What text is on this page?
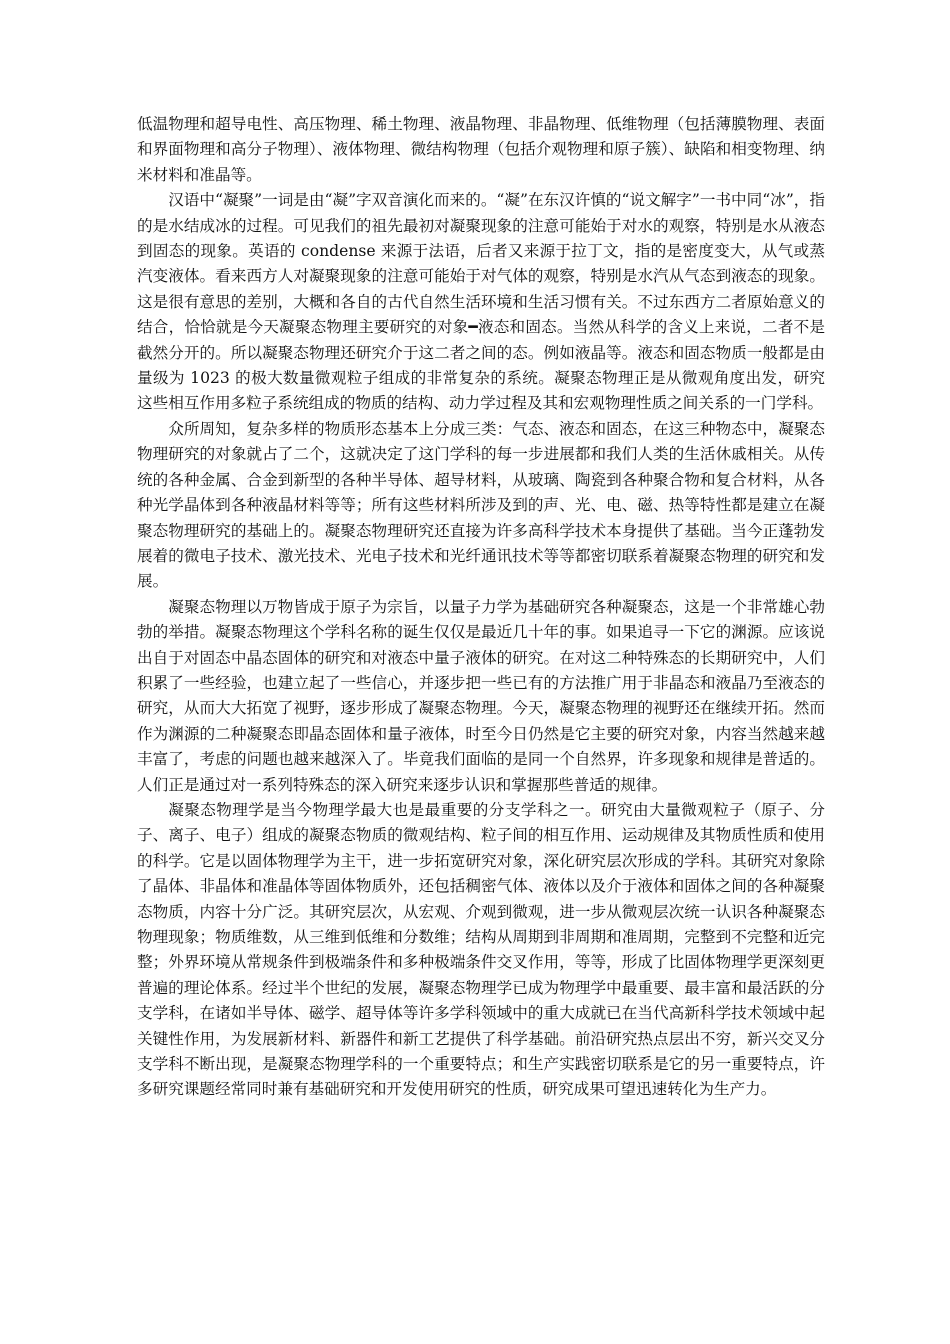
低温物理和超导电性、高压物理、稀土物理、液晶物理、非晶物理、低维物理（包括薄膜物理、表面和界面物理和高分子物理）、液体物理、微结构物理（包括介观物理和原子簇）、缺陷和相变物理、纳米材料和准晶等。

汉语中“凝聚”一词是由“凝”字双音演化而来的。“凝”在东汉许慎的“说文解字”一书中同“冰”，指的是水结成冰的过程。可见我们的祖先最初对凝聚现象的注意可能始于对水的观察，特别是水从液态到固态的现象。英语的 condense 来源于法语，后者又来源于拉丁文，指的是密度变大，从气或蒸汽变液体。看来西方人对凝聚现象的注意可能始于对气体的观察，特别是水汽从气态到液态的现象。这是很有意思的差别，大概和各自的古代自然生活环境和生活习惯有关。不过东西方二者原始意义的结合，恰恰就是今天凝聚态物理主要研究的对象━液态和固态。当然从科学的含义上来说，二者不是截然分开的。所以凝聚态物理还研究介于这二者之间的态。例如液晶等。液态和固态物质一般都是由量级为 1023 的极大数量微观粒子组成的非常复杂的系统。凝聚态物理正是从微观角度出发，研究这些相互作用多粒子系统组成的物质的结构、动力学过程及其和宏观物理性质之间关系的一门学科。

众所周知，复杂多样的物质形态基本上分成三类：气态、液态和固态，在这三种物态中，凝聚态物理研究的对象就占了二个，这就决定了这门学科的每一步进展都和我们人类的生活休戚相关。从传统的各种金属、合金到新型的各种半导体、超导材料，从玻璃、陶瓷到各种聚合物和复合材料，从各种光学晶体到各种液晶材料等等；所有这些材料所涉及到的声、光、电、磁、热等特性都是建立在凝聚态物理研究的基础上的。凝聚态物理研究还直接为许多高科学技术本身提供了基础。当今正蓬勃发展着的微电子技术、激光技术、光电子技术和光纤通讯技术等等都密切联系着凝聚态物理的研究和发展。

凝聚态物理以万物皆成于原子为宗旨，以量子力学为基础研究各种凝聚态，这是一个非常雄心勃勃的举措。凝聚态物理这个学科名称的诞生仅仅是最近几十年的事。如果追寻一下它的渊源。应该说出自于对固态中晶态固体的研究和对液态中量子液体的研究。在对这二种特殊态的长期研究中，人们积累了一些经验，也建立起了一些信心，并逐步把一些已有的方法推广用于非晶态和液晶乃至液态的研究，从而大大拓宽了视野，逐步形成了凝聚态物理。今天，凝聚态物理的视野还在继续开拓。然而作为渊源的二种凝聚态即晶态固体和量子液体，时至今日仍然是它主要的研究对象，内容当然越来越丰富了，考虑的问题也越来越深入了。毕竟我们面临的是同一个自然界，许多现象和规律是普适的。人们正是通过对一系列特殊态的深入研究来逐步认识和掌握那些普适的规律。

凝聚态物理学是当今物理学最大也是最重要的分支学科之一。研究由大量微观粒子（原子、分子、离子、电子）组成的凝聚态物质的微观结构、粒子间的相互作用、运动规律及其物质性质和使用的科学。它是以固体物理学为主干，进一步拓宽研究对象，深化研究层次形成的学科。其研究对象除了晶体、非晶体和准晶体等固体物质外，还包括稠密气体、液体以及介于液体和固体之间的各种凝聚态物质，内容十分广泛。其研究层次，从宏观、介观到微观，进一步从微观层次统一认识各种凝聚态物理现象；物质维数，从三维到低维和分数维；结构从周期到非周期和准周期，完整到不完整和近完整；外界环境从常规条件到极端条件和多种极端条件交叉作用，等等，形成了比固体物理学更深刻更普遍的理论体系。经过半个世纪的发展，凝聚态物理学已成为物理学中最重要、最丰富和最活跃的分支学科，在诸如半导体、磁学、超导体等许多学科领域中的重大成就已在当代高新科学技术领域中起关键性作用，为发展新材料、新器件和新工艺提供了科学基础。前沿研究热点层出不穷，新兴交叉分支学科不断出现，是凝聚态物理学科的一个重要特点；和生产实践密切联系是它的另一重要特点，许多研究课题经常同时兼有基础研究和开发使用研究的性质，研究成果可望迅速转化为生产力。
